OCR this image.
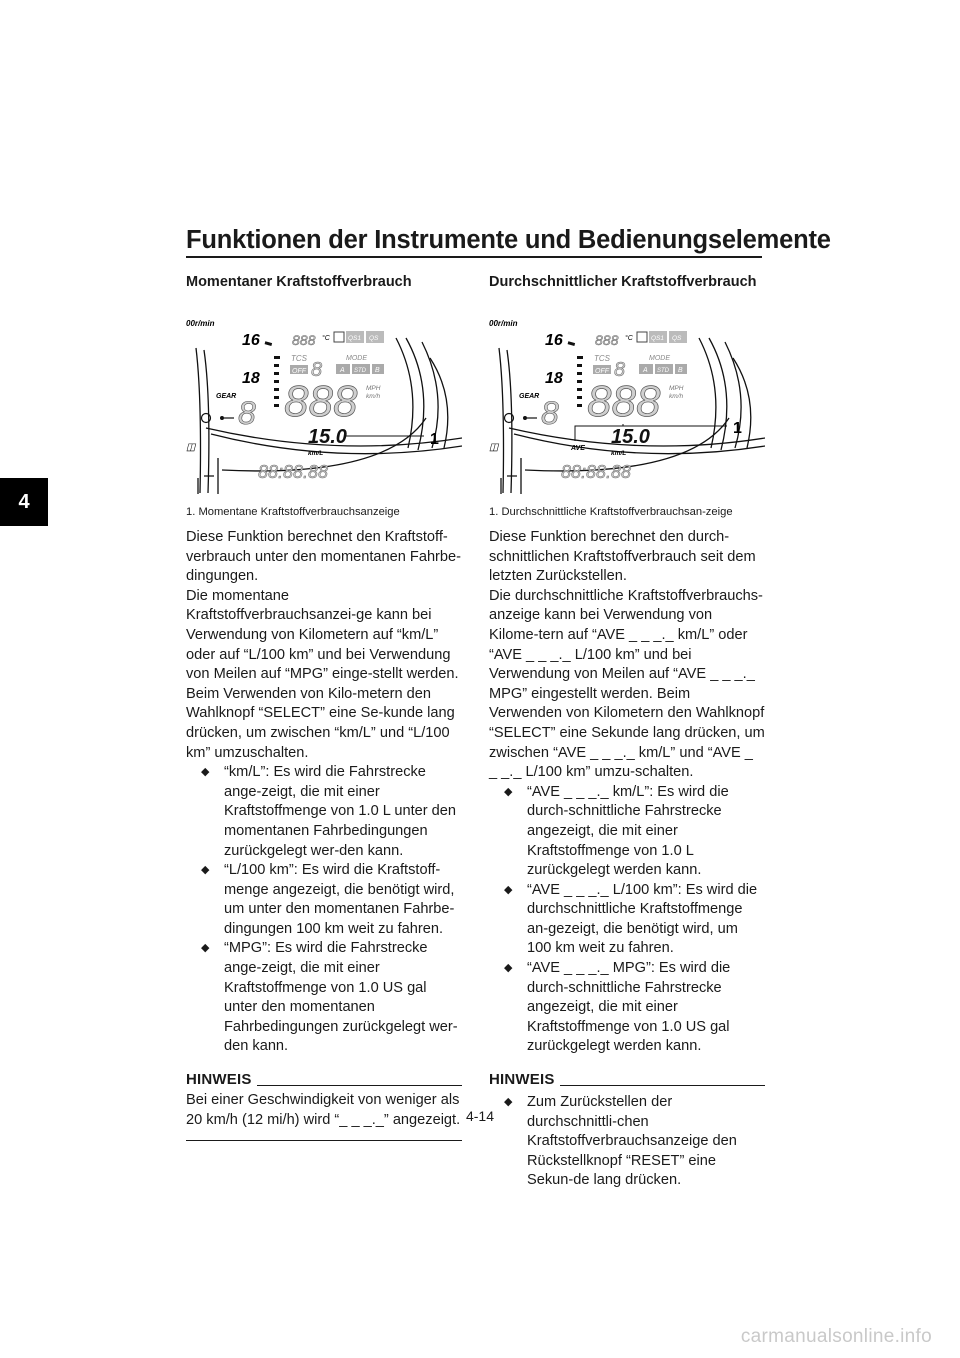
Funktionen der Instrumente und Bedienungselemente
4
Momentaner Kraftstoffverbrauch
00r/min
16
18
GEAR 8
◫
888 °C	QS1 QS
TCS
OFF 8
MODE
A STD B
888 MPH
km/h
15.0
km/L
88:88.88
1
1. Momentane Kraftstoffverbrauchsanzeige

Diese Funktion berechnet den Kraftstoff-verbrauch unter den momentanen Fahrbe-dingungen.

Die momentane Kraftstoffverbrauchsanzei-ge kann bei Verwendung von Kilometern auf “km/L” oder auf “L/100 km” und bei Verwendung von Meilen auf “MPG” einge-stellt werden. Beim Verwenden von Kilo-metern den Wahlknopf “SELECT” eine Se-kunde lang drücken, um zwischen “km/L” und “L/100 km” umzuschalten.

◆ “km/L”: Es wird die Fahrstrecke ange-zeigt, die mit einer Kraftstoffmenge von 1.0 L unter den momentanen Fahrbedingungen zurückgelegt wer-den kann.
◆ “L/100 km”: Es wird die Kraftstoff-menge angezeigt, die benötigt wird, um unter den momentanen Fahrbe-dingungen 100 km weit zu fahren.
◆ “MPG”: Es wird die Fahrstrecke ange-zeigt, die mit einer Kraftstoffmenge von 1.0 US gal unter den momentanen Fahrbedingungen zurückgelegt wer-den kann.
HINWEIS

Bei einer Geschwindigkeit von weniger als 20 km/h (12 mi/h) wird “_ _ _._” angezeigt.

Durchschnittlicher Kraftstoffverbrauch
00r/min
16
18
GEAR 8
◫
888 °C	QS1 QS
TCS
OFF 8
MODE
A STD B
888 MPH
km/h
AVE
15.0
km/L
88:88.88
1
1. Durchschnittliche Kraftstoffverbrauchsan-zeige

Diese Funktion berechnet den durch-schnittlichen Kraftstoffverbrauch seit dem letzten Zurückstellen.

Die durchschnittliche Kraftstoffverbrauchs-anzeige kann bei Verwendung von Kilome-tern auf “AVE _ _ _._ km/L” oder “AVE _ _ _._ L/100 km” und bei Verwendung von Meilen auf “AVE _ _ _._ MPG” eingestellt werden. Beim Verwenden von Kilometern den Wahlknopf “SELECT” eine Sekunde lang drücken, um zwischen “AVE _ _ _._ km/L” und “AVE _ _ _._ L/100 km” umzu-schalten.

◆ “AVE _ _ _._ km/L”: Es wird die durch-schnittliche Fahrstrecke angezeigt, die mit einer Kraftstoffmenge von 1.0 L zurückgelegt werden kann.
◆ “AVE _ _ _._ L/100 km”: Es wird die durchschnittliche Kraftstoffmenge an-gezeigt, die benötigt wird, um 100 km weit zu fahren.
◆ “AVE _ _ _._ MPG”: Es wird die durch-schnittliche Fahrstrecke angezeigt, die mit einer Kraftstoffmenge von 1.0 US gal zurückgelegt werden kann.
HINWEIS
◆ Zum Zurückstellen der durchschnittli-chen Kraftstoffverbrauchsanzeige den Rückstellknopf “RESET” eine Sekun-de lang drücken.
4-14
carmanualsonline.info
